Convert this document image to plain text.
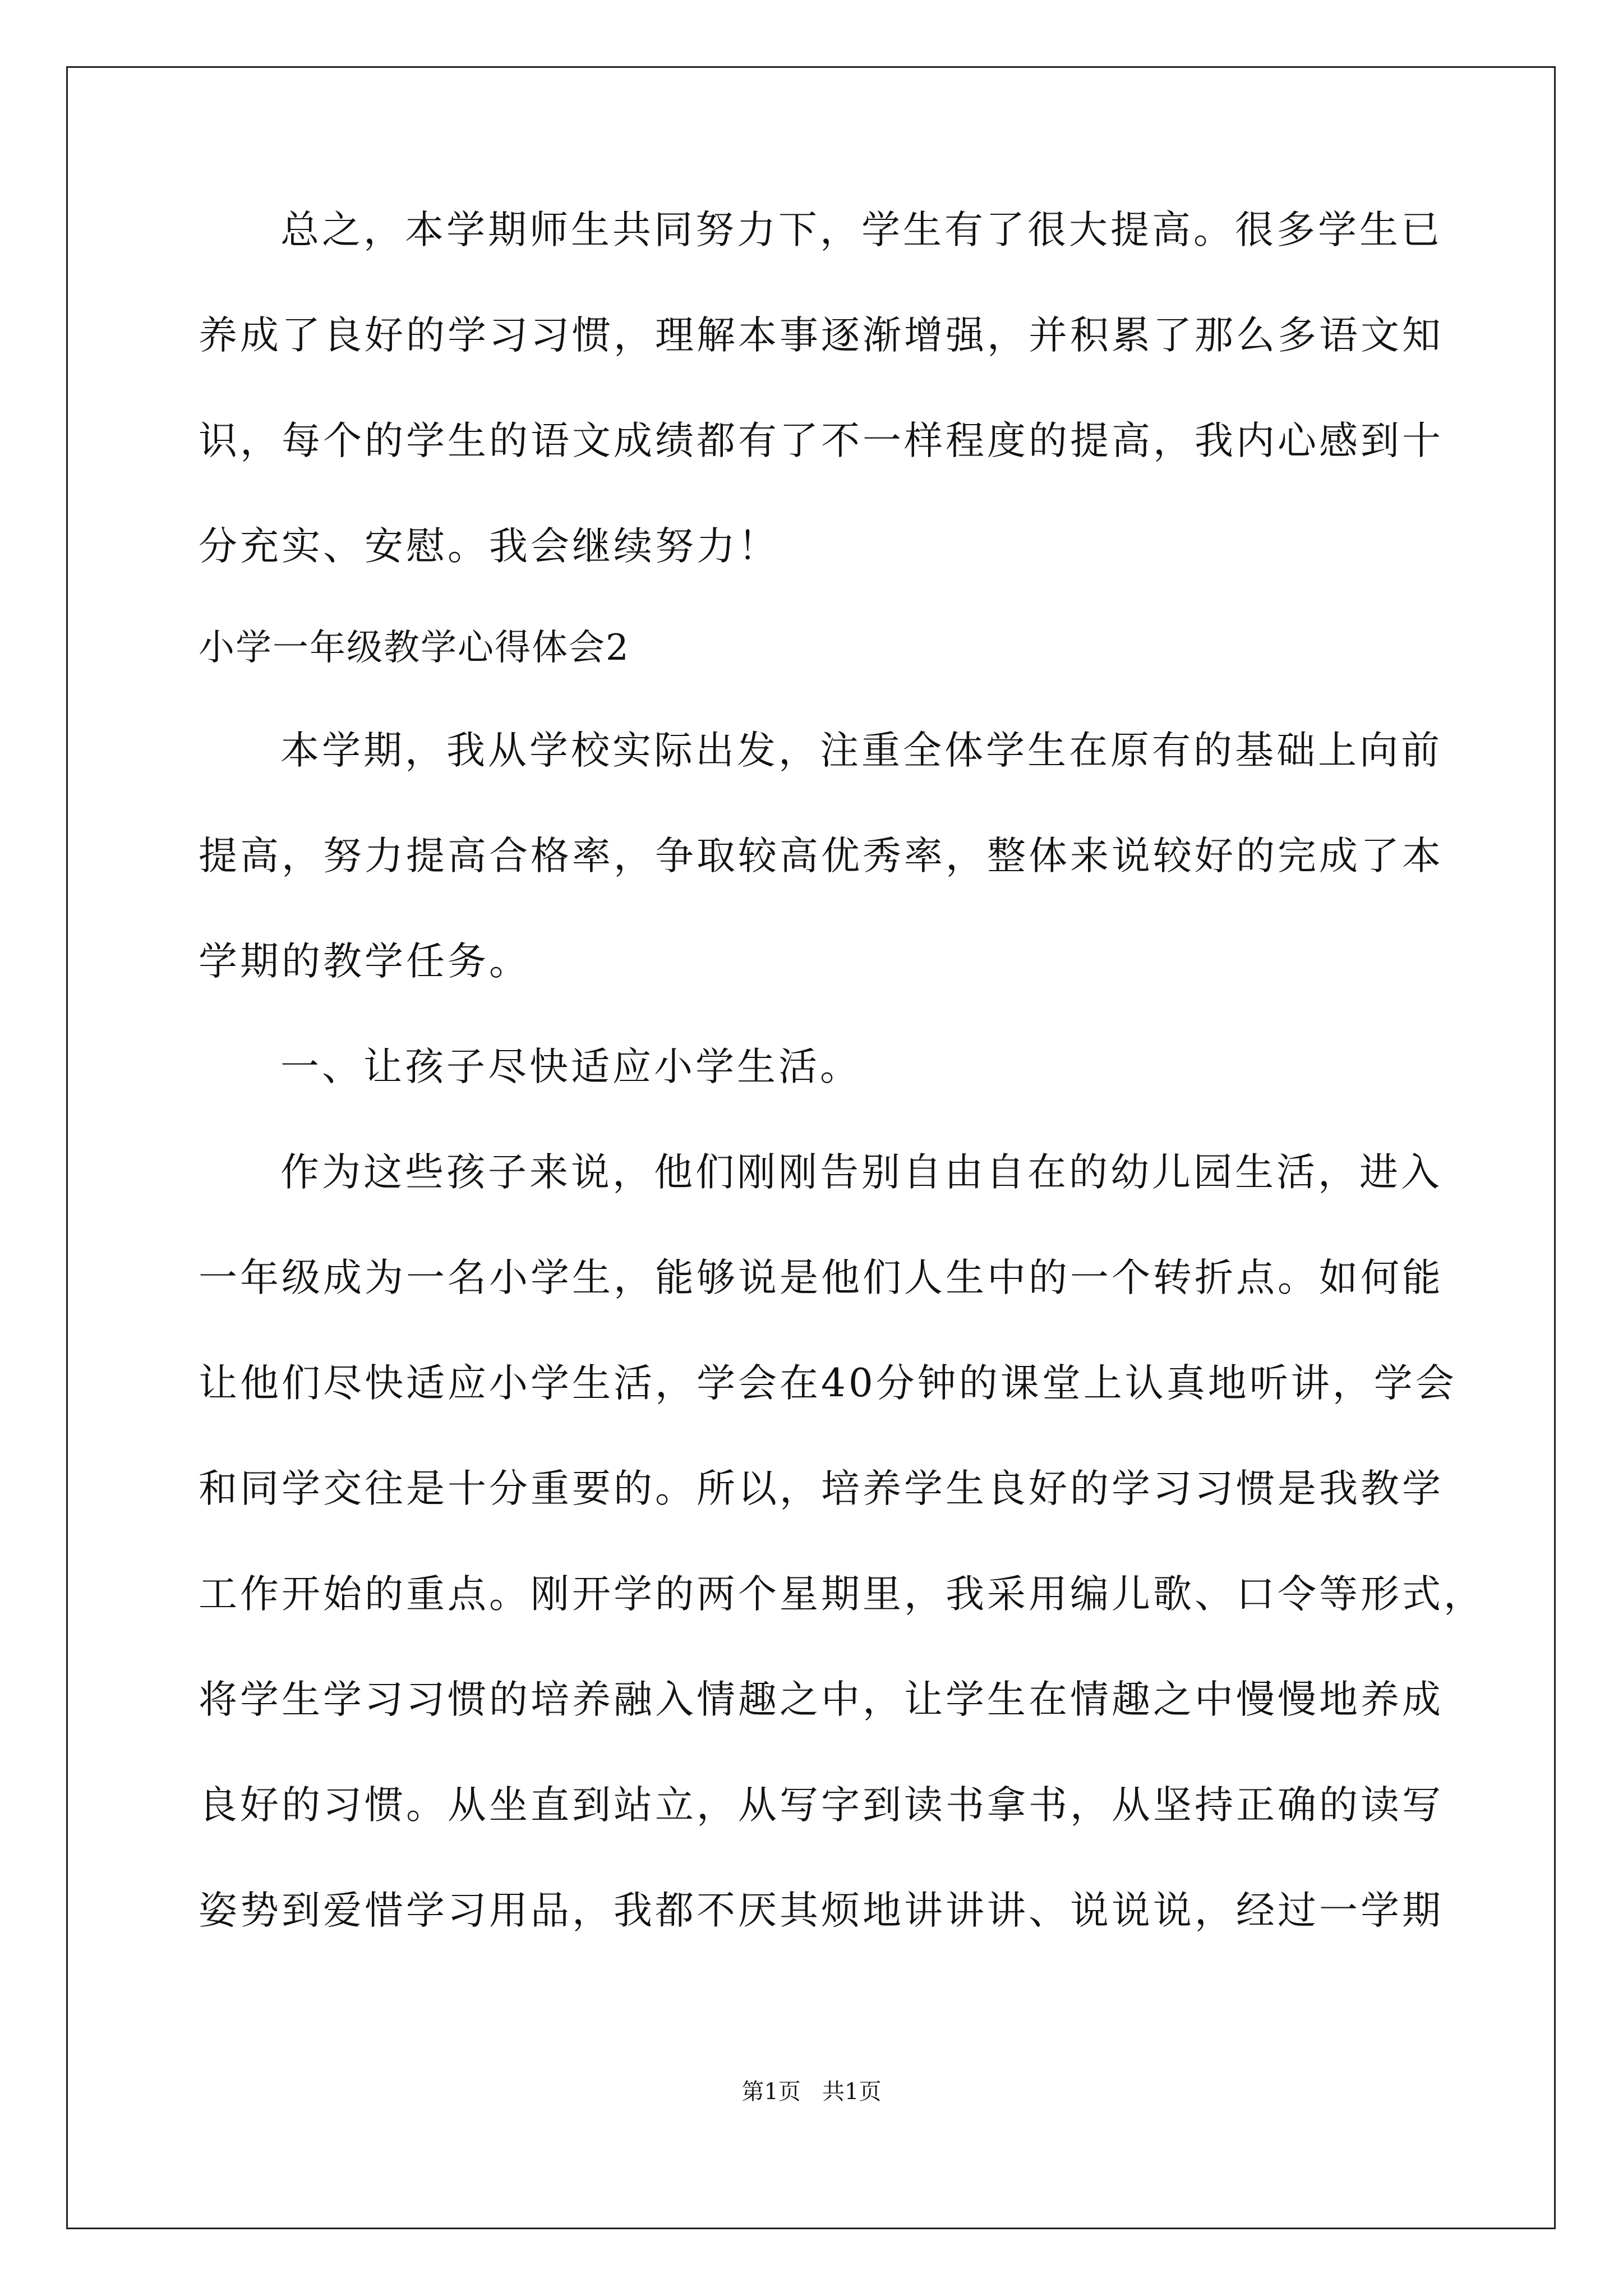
总之，本学期师生共同努力下，学生有了很大提高。很多学生已
养成了良好的学习习惯，理解本事逐渐增强，并积累了那么多语文知
识，每个的学生的语文成绩都有了不一样程度的提高，我内心感到十
分充实、安慰。我会继续努力！
小学一年级教学心得体会2
本学期，我从学校实际出发，注重全体学生在原有的基础上向前
提高，努力提高合格率，争取较高优秀率，整体来说较好的完成了本
学期的教学任务。
一、让孩子尽快适应小学生活。
作为这些孩子来说，他们刚刚告别自由自在的幼儿园生活，进入
一年级成为一名小学生，能够说是他们人生中的一个转折点。如何能
让他们尽快适应小学生活，学会在40分钟的课堂上认真地听讲，学会
和同学交往是十分重要的。所以，培养学生良好的学习习惯是我教学
工作开始的重点。刚开学的两个星期里，我采用编儿歌、口令等形式，
将学生学习习惯的培养融入情趣之中，让学生在情趣之中慢慢地养成
良好的习惯。从坐直到站立，从写字到读书拿书，从坚持正确的读写
姿势到爱惜学习用品，我都不厌其烦地讲讲讲、说说说，经过一学期
第1页   共1页
